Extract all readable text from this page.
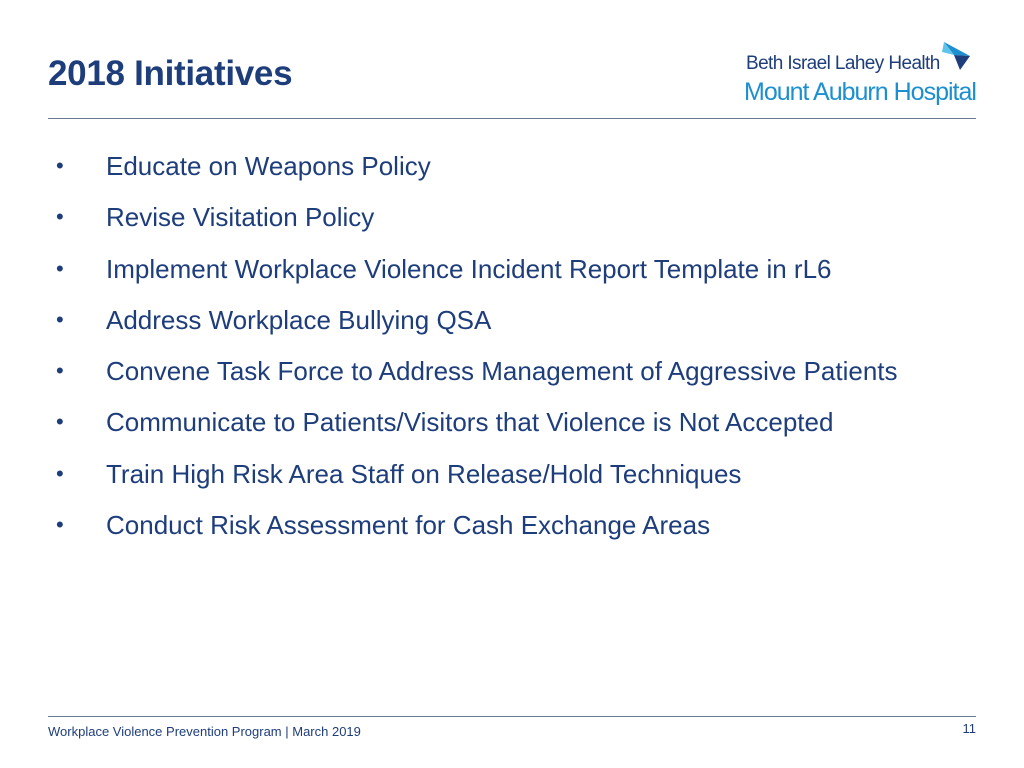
2018 Initiatives	Beth Israel Lahey Health
Mount Auburn Hospital
• Educate on Weapons Policy
• Revise Visitation Policy
• Implement Workplace Violence Incident Report Template in rL6
• Address Workplace Bullying QSA
• Convene Task Force to Address Management of Aggressive Patients
• Communicate to Patients/Visitors that Violence is Not Accepted
• Train High Risk Area Staff on Release/Hold Techniques
• Conduct Risk Assessment for Cash Exchange Areas
Workplace Violence Prevention Program | March 2019	11
